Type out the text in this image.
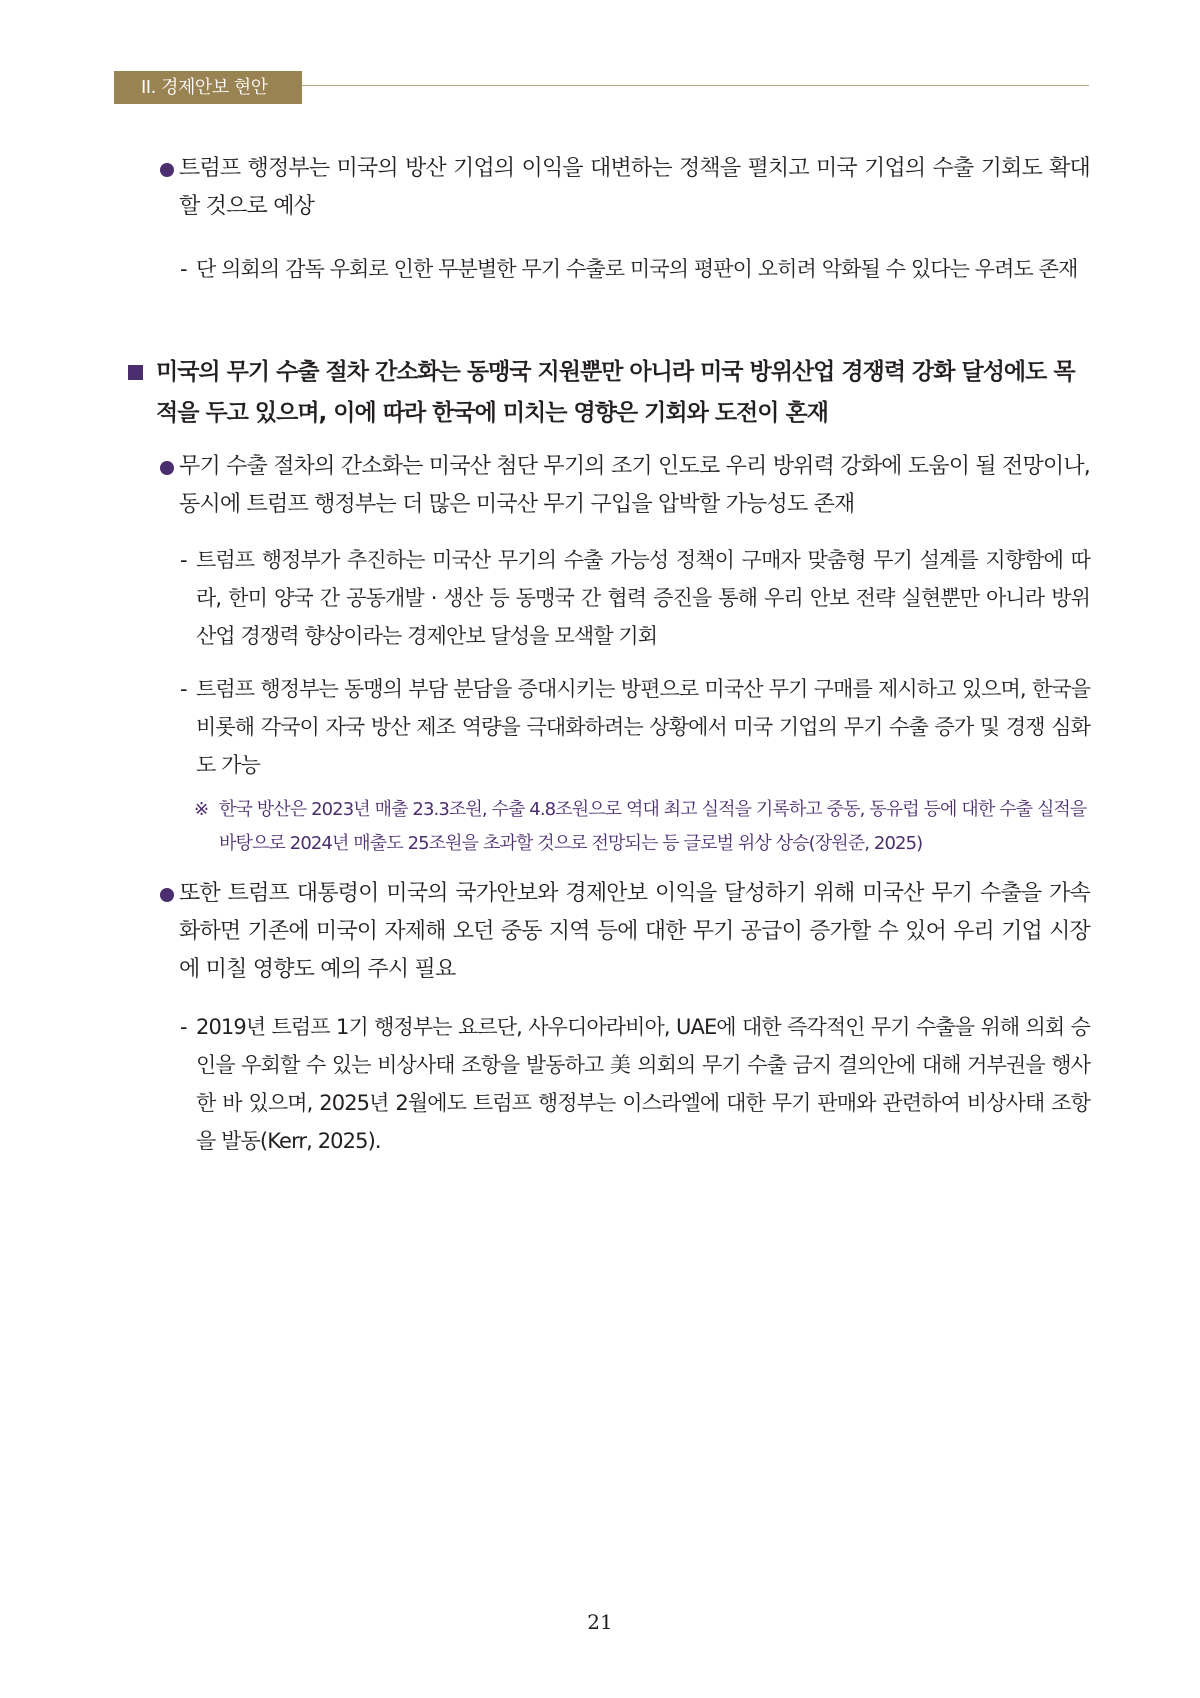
II. 경제안보 현안
트럼프 행정부는 미국의 방산 기업의 이익을 대변하는 정책을 펼치고 미국 기업의 수출 기회도 확대할 것으로 예상
- 단 의회의 감독 우회로 인한 무분별한 무기 수출로 미국의 평판이 오히려 악화될 수 있다는 우려도 존재
미국의 무기 수출 절차 간소화는 동맹국 지원뿐만 아니라 미국 방위산업 경쟁력 강화 달성에도 목적을 두고 있으며, 이에 따라 한국에 미치는 영향은 기회와 도전이 혼재
무기 수출 절차의 간소화는 미국산 첨단 무기의 조기 인도로 우리 방위력 강화에 도움이 될 전망이나, 동시에 트럼프 행정부는 더 많은 미국산 무기 구입을 압박할 가능성도 존재
- 트럼프 행정부가 추진하는 미국산 무기의 수출 가능성 정책이 구매자 맞춤형 무기 설계를 지향함에 따라, 한미 양국 간 공동개발 · 생산 등 동맹국 간 협력 증진을 통해 우리 안보 전략 실현뿐만 아니라 방위 산업 경쟁력 향상이라는 경제안보 달성을 모색할 기회
- 트럼프 행정부는 동맹의 부담 분담을 증대시키는 방편으로 미국산 무기 구매를 제시하고 있으며, 한국을 비롯해 각국이 자국 방산 제조 역량을 극대화하려는 상황에서 미국 기업의 무기 수출 증가 및 경쟁 심화도 가능
※ 한국 방산은 2023년 매출 23.3조원, 수출 4.8조원으로 역대 최고 실적을 기록하고 중동, 동유럽 등에 대한 수출 실적을 바탕으로 2024년 매출도 25조원을 초과할 것으로 전망되는 등 글로벌 위상 상승(장원준, 2025)
또한 트럼프 대통령이 미국의 국가안보와 경제안보 이익을 달성하기 위해 미국산 무기 수출을 가속화하면 기존에 미국이 자제해 오던 중동 지역 등에 대한 무기 공급이 증가할 수 있어 우리 기업 시장에 미칠 영향도 예의 주시 필요
- 2019년 트럼프 1기 행정부는 요르단, 사우디아라비아, UAE에 대한 즉각적인 무기 수출을 위해 의회 승인을 우회할 수 있는 비상사태 조항을 발동하고 美 의회의 무기 수출 금지 결의안에 대해 거부권을 행사한 바 있으며, 2025년 2월에도 트럼프 행정부는 이스라엘에 대한 무기 판매와 관련하여 비상사태 조항을 발동(Kerr, 2025).
21
